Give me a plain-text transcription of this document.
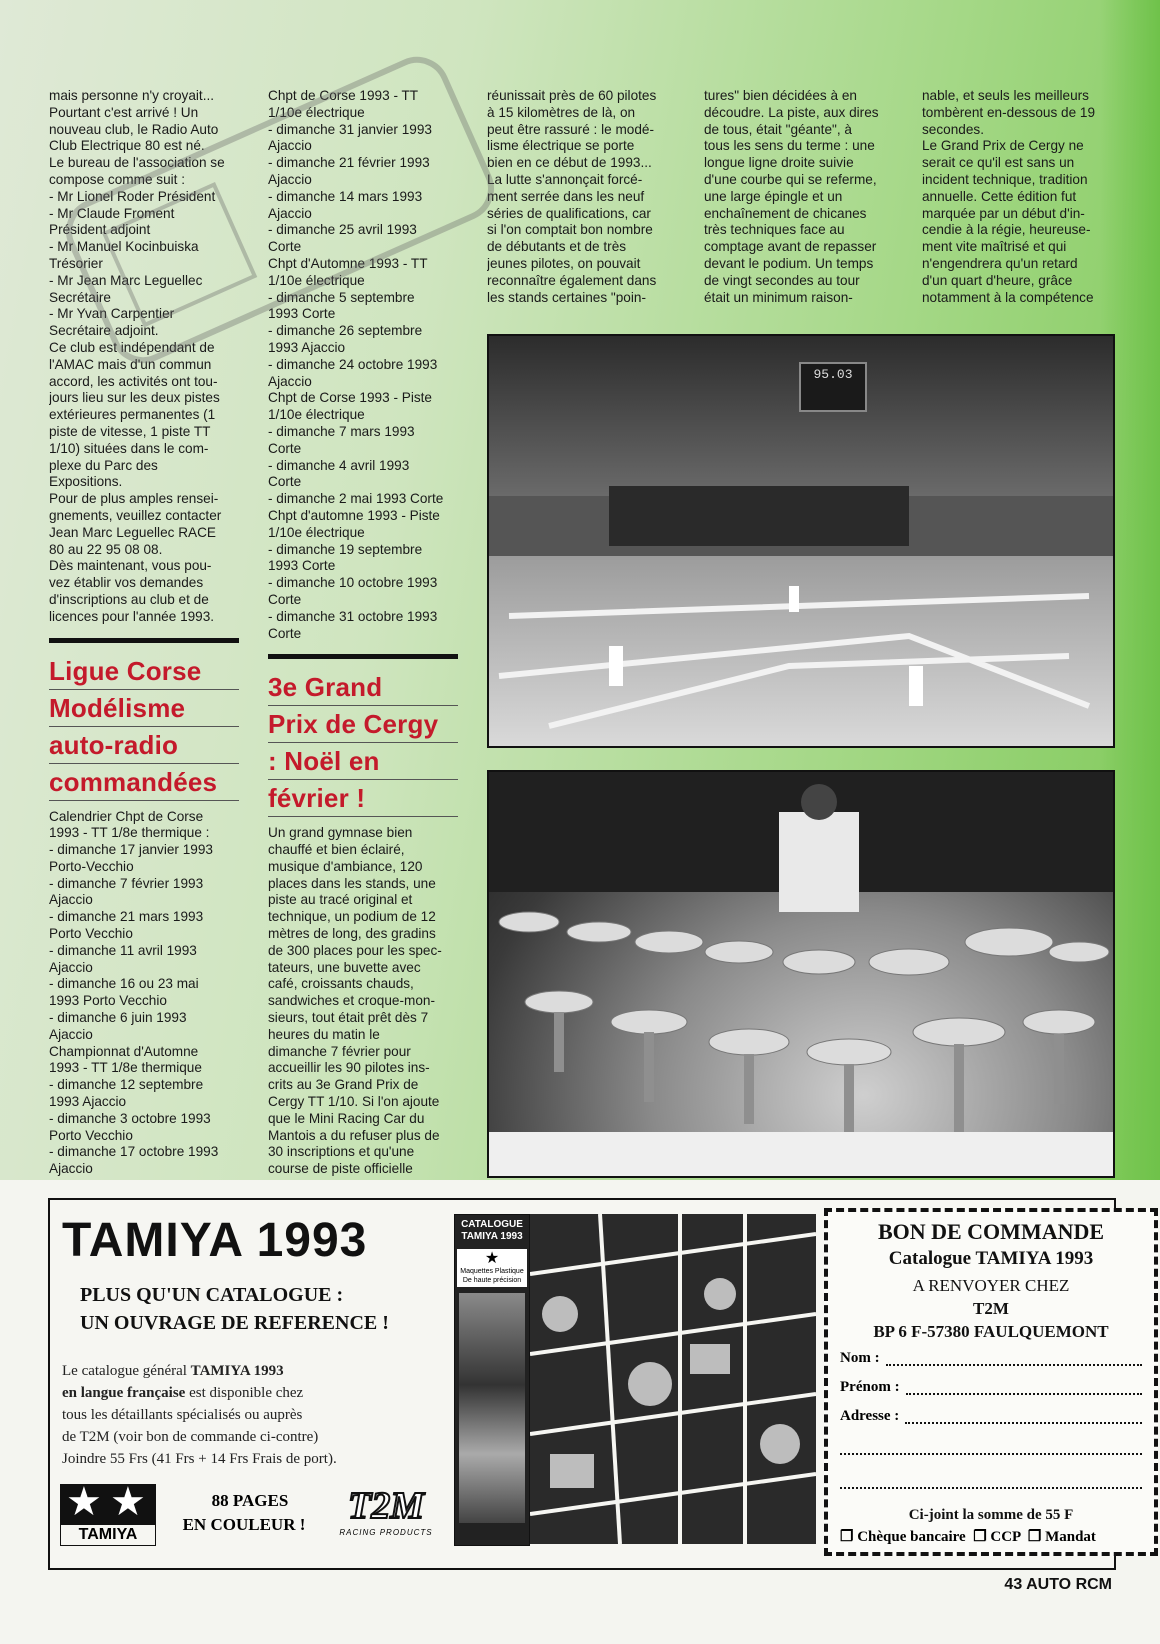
mais personne n'y croyait...
Pourtant c'est arrivé ! Un
nouveau club, le Radio Auto
Club Electrique 80 est né.
Le bureau de l'association se
compose comme suit :
- Mr Lionel Roder Président
- Mr Claude Froment
Président adjoint
- Mr Manuel Kocinbuiska
Trésorier
- Mr Jean Marc Leguellec
Secrétaire
- Mr Yvan Carpentier
Secrétaire adjoint.
Ce club est indépendant de
l'AMAC mais d'un commun
accord, les activités ont tou-
jours lieu sur les deux pistes
extérieures permanentes (1
piste de vitesse, 1 piste TT
1/10) situées dans le com-
plexe du Parc des
Expositions.
Pour de plus amples rensei-
gnements, veuillez contacter
Jean Marc Leguellec RACE
80 au 22 95 08 08.
Dès maintenant, vous pou-
vez établir vos demandes
d'inscriptions au club et de
licences pour l'année 1993.
Ligue Corse
Modélisme
auto-radio
commandées
Calendrier Chpt de Corse
1993 - TT 1/8e thermique :
- dimanche 17 janvier 1993
Porto-Vecchio
- dimanche 7 février 1993
Ajaccio
- dimanche 21 mars 1993
Porto Vecchio
- dimanche 11 avril 1993
Ajaccio
- dimanche 16 ou 23 mai
1993 Porto Vecchio
- dimanche 6 juin 1993
Ajaccio
Championnat d'Automne
1993 - TT 1/8e thermique
- dimanche 12 septembre
1993 Ajaccio
- dimanche 3 octobre 1993
Porto Vecchio
- dimanche 17 octobre 1993
Ajaccio
Chpt de Corse 1993 - TT
1/10e électrique
- dimanche 31 janvier 1993
Ajaccio
- dimanche 21 février 1993
Ajaccio
- dimanche 14 mars 1993
Ajaccio
- dimanche 25 avril 1993
Corte
Chpt d'Automne 1993 - TT
1/10e électrique
- dimanche 5 septembre
1993 Corte
- dimanche 26 septembre
1993 Ajaccio
- dimanche 24 octobre 1993
Ajaccio
Chpt de Corse 1993 - Piste
1/10e électrique
- dimanche 7 mars 1993
Corte
- dimanche 4 avril 1993
Corte
- dimanche 2 mai 1993 Corte
Chpt d'automne 1993 - Piste
1/10e électrique
- dimanche 19 septembre
1993 Corte
- dimanche 10 octobre 1993
Corte
- dimanche 31 octobre 1993
Corte
3e Grand
Prix de Cergy
: Noël en
février !
Un grand gymnase bien
chauffé et bien éclairé,
musique d'ambiance, 120
places dans les stands, une
piste au tracé original et
technique, un podium de 12
mètres de long, des gradins
de 300 places pour les spec-
tateurs, une buvette avec
café, croissants chauds,
sandwiches et croque-mon-
sieurs, tout était prêt dès 7
heures du matin le
dimanche 7 février pour
accueillir les 90 pilotes ins-
crits au 3e Grand Prix de
Cergy TT 1/10. Si l'on ajoute
que le Mini Racing Car du
Mantois a du refuser plus de
30 inscriptions et qu'une
course de piste officielle
réunissait près de 60 pilotes
à 15 kilomètres de là, on
peut être rassuré : le modé-
lisme électrique se porte
bien en ce début de 1993...
La lutte s'annonçait forcé-
ment serrée dans les neuf
séries de qualifications, car
si l'on comptait bon nombre
de débutants et de très
jeunes pilotes, on pouvait
reconnaître également dans
les stands certaines "poin-
tures" bien décidées à en
découdre. La piste, aux dires
de tous, était "géante", à
tous les sens du terme : une
longue ligne droite suivie
d'une courbe qui se referme,
une large épingle et un
enchaînement de chicanes
très techniques face au
comptage avant de repasser
devant le podium. Un temps
de vingt secondes au tour
était un minimum raison-
nable, et seuls les meilleurs
tombèrent en-dessous de 19
secondes.
Le Grand Prix de Cergy ne
serait ce qu'il est sans un
incident technique, tradition
annuelle. Cette édition fut
marquée par un début d'in-
cendie à la régie, heureuse-
ment vite maîtrisé et qui
n'engendrera qu'un retard
d'un quart d'heure, grâce
notamment à la compétence
95.03
TAMIYA 1993
PLUS QU'UN CATALOGUE :
UN OUVRAGE DE REFERENCE !
Le catalogue général TAMIYA 1993
en langue française est disponible chez
tous les détaillants spécialisés ou auprès
de T2M (voir bon de commande ci-contre)
Joindre 55 Frs (41 Frs + 14 Frs Frais de port).
★ ★
TAMIYA
88 PAGES
EN COULEUR !	T2M
RACING PRODUCTS
CATALOGUE TAMIYA 1993
★
Maquettes Plastique De haute précision
BON DE COMMANDE
Catalogue TAMIYA 1993
A RENVOYER CHEZ
T2M
BP 6 F-57380 FAULQUEMONT
Nom :
Prénom :
Adresse :
Ci-joint la somme de 55 F
❐ Chèque bancaire ❐ CCP ❐ Mandat
43 AUTO RCM
